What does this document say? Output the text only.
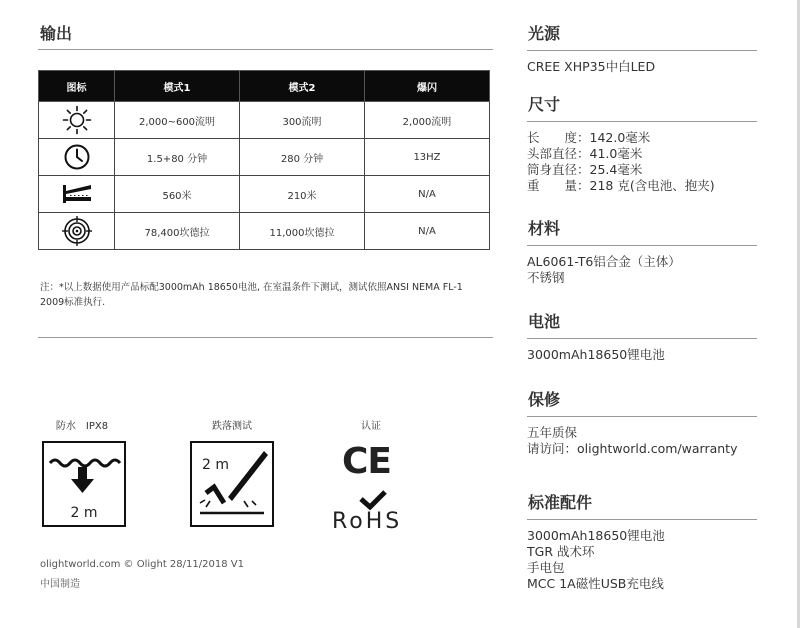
输出
图标	模式1	模式2	爆闪

	2,000~600流明	300流明	2,000流明

	1.5+80 分钟	280 分钟	13HZ

	560米	210米	N/A

	78,400坎德拉	11,000坎德拉	N/A
注：*以上数据使用产品标配3000mAh 18650电池, 在室温条件下测试，测试依照ANSI NEMA FL-1 2009标准执行.
防水　IPX8
2 m
跌落测试
2 m
认证
CE
RoHS
olightworld.com © Olight 28/11/2018 V1
中国制造
光源
CREE XHP35中白LED
尺寸
长　　度：142.0毫米
头部直径：41.0毫米
筒身直径：25.4毫米
重　　量：218 克(含电池、抱夹)
材料
AL6061-T6铝合金（主体）
不锈钢
电池
3000mAh18650锂电池
保修
五年质保
请访问：olightworld.com/warranty
标准配件
3000mAh18650锂电池
TGR 战术环
手电包
MCC 1A磁性USB充电线
